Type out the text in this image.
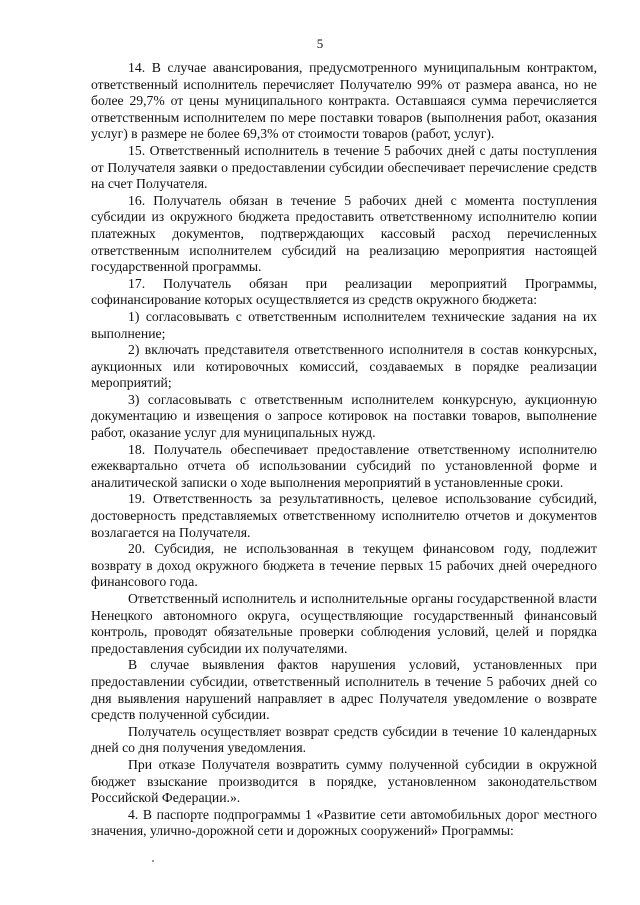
5

14. В случае авансирования, предусмотренного муниципальным контрактом, ответственный исполнитель перечисляет Получателю 99% от размера аванса, но не более 29,7% от цены муниципального контракта. Оставшаяся сумма перечисляется ответственным исполнителем по мере поставки товаров (выполнения работ, оказания услуг) в размере не более 69,3% от стоимости товаров (работ, услуг).

15. Ответственный исполнитель в течение 5 рабочих дней с даты поступления от Получателя заявки о предоставлении субсидии обеспечивает перечисление средств на счет Получателя.

16. Получатель обязан в течение 5 рабочих дней с момента поступления субсидии из окружного бюджета предоставить ответственному исполнителю копии платежных документов, подтверждающих кассовый расход перечисленных ответственным исполнителем субсидий на реализацию мероприятия настоящей государственной программы.

17. Получатель обязан при реализации мероприятий Программы, софинансирование которых осуществляется из средств окружного бюджета:

1) согласовывать с ответственным исполнителем технические задания на их выполнение;

2) включать представителя ответственного исполнителя в состав конкурсных, аукционных или котировочных комиссий, создаваемых в порядке реализации мероприятий;

3) согласовывать с ответственным исполнителем конкурсную, аукционную документацию и извещения о запросе котировок на поставки товаров, выполнение работ, оказание услуг для муниципальных нужд.

18. Получатель обеспечивает предоставление ответственному исполнителю ежеквартально отчета об использовании субсидий по установленной форме и аналитической записки о ходе выполнения мероприятий в установленные сроки.

19. Ответственность за результативность, целевое использование субсидий, достоверность представляемых ответственному исполнителю отчетов и документов возлагается на Получателя.

20. Субсидия, не использованная в текущем финансовом году, подлежит возврату в доход окружного бюджета в течение первых 15 рабочих дней очередного финансового года.

Ответственный исполнитель и исполнительные органы государственной власти Ненецкого автономного округа, осуществляющие государственный финансовый контроль, проводят обязательные проверки соблюдения условий, целей и порядка предоставления субсидии их получателями.

В случае выявления фактов нарушения условий, установленных при предоставлении субсидии, ответственный исполнитель в течение 5 рабочих дней со дня выявления нарушений направляет в адрес Получателя уведомление о возврате средств полученной субсидии.

Получатель осуществляет возврат средств субсидии в течение 10 календарных дней со дня получения уведомления.

При отказе Получателя возвратить сумму полученной субсидии в окружной бюджет взыскание производится в порядке, установленном законодательством Российской Федерации.».

4. В паспорте подпрограммы 1 «Развитие сети автомобильных дорог местного значения, улично-дорожной сети и дорожных сооружений» Программы:
